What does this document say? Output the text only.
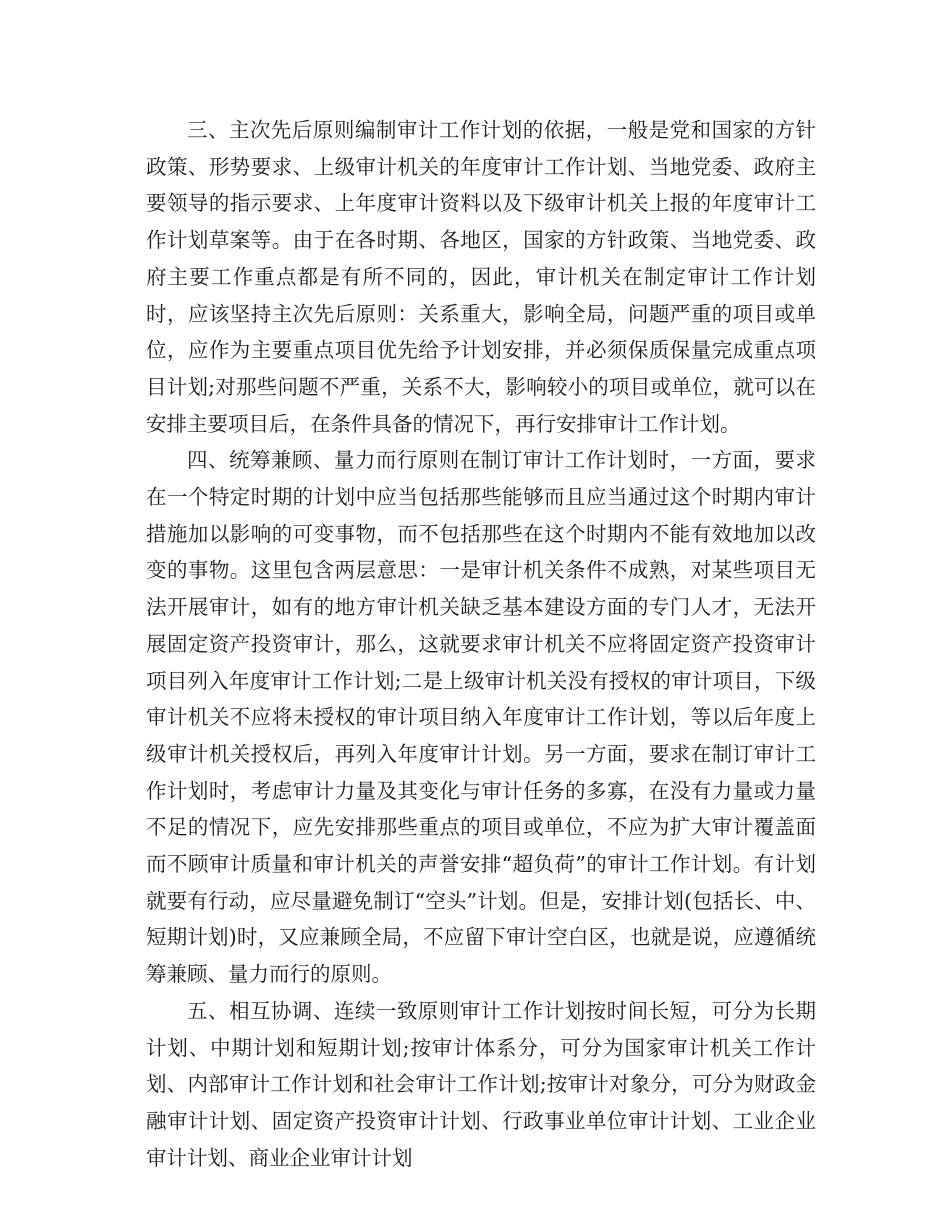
三、主次先后原则编制审计工作计划的依据，一般是党和国家的方针政策、形势要求、上级审计机关的年度审计工作计划、当地党委、政府主要领导的指示要求、上年度审计资料以及下级审计机关上报的年度审计工作计划草案等。由于在各时期、各地区，国家的方针政策、当地党委、政府主要工作重点都是有所不同的，因此，审计机关在制定审计工作计划时，应该坚持主次先后原则：关系重大，影响全局，问题严重的项目或单位，应作为主要重点项目优先给予计划安排，并必须保质保量完成重点项目计划;对那些问题不严重，关系不大，影响较小的项目或单位，就可以在安排主要项目后，在条件具备的情况下，再行安排审计工作计划。

四、统筹兼顾、量力而行原则在制订审计工作计划时，一方面，要求在一个特定时期的计划中应当包括那些能够而且应当通过这个时期内审计措施加以影响的可变事物，而不包括那些在这个时期内不能有效地加以改变的事物。这里包含两层意思：一是审计机关条件不成熟，对某些项目无法开展审计，如有的地方审计机关缺乏基本建设方面的专门人才，无法开展固定资产投资审计，那么，这就要求审计机关不应将固定资产投资审计项目列入年度审计工作计划;二是上级审计机关没有授权的审计项目，下级审计机关不应将未授权的审计项目纳入年度审计工作计划，等以后年度上级审计机关授权后，再列入年度审计计划。另一方面，要求在制订审计工作计划时，考虑审计力量及其变化与审计任务的多寡，在没有力量或力量不足的情况下，应先安排那些重点的项目或单位，不应为扩大审计覆盖面而不顾审计质量和审计机关的声誉安排“超负荷”的审计工作计划。有计划就要有行动，应尽量避免制订“空头”计划。但是，安排计划(包括长、中、短期计划)时，又应兼顾全局，不应留下审计空白区，也就是说，应遵循统筹兼顾、量力而行的原则。

五、相互协调、连续一致原则审计工作计划按时间长短，可分为长期计划、中期计划和短期计划;按审计体系分，可分为国家审计机关工作计划、内部审计工作计划和社会审计工作计划;按审计对象分，可分为财政金融审计计划、固定资产投资审计计划、行政事业单位审计计划、工业企业审计计划、商业企业审计计划
